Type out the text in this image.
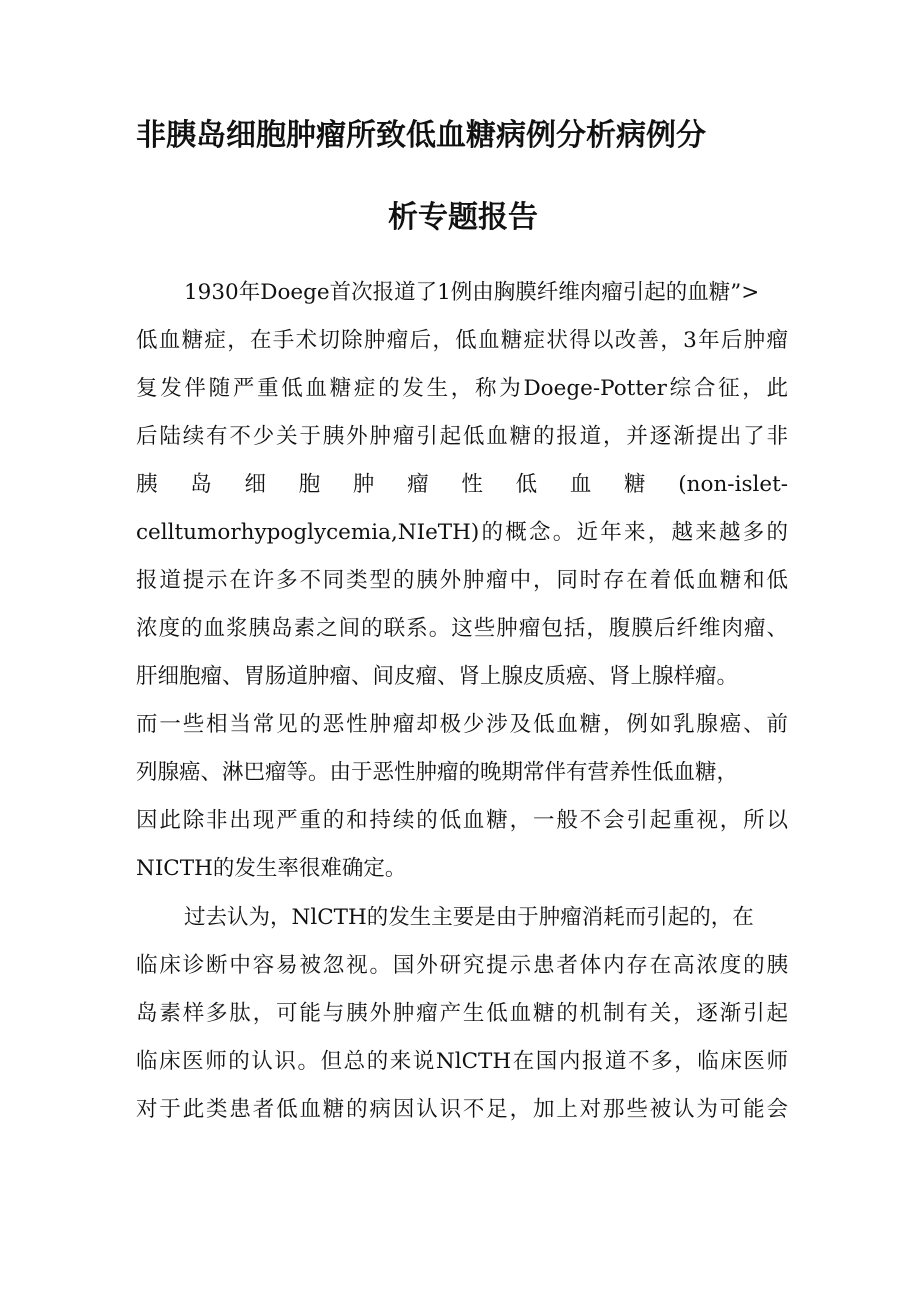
非胰岛细胞肿瘤所致低血糖病例分析病例分
析专题报告
1930年Doege首次报道了1例由胸膜纤维肉瘤引起的血糖”>
低血糖症，在手术切除肿瘤后，低血糖症状得以改善，3年后肿瘤
复发伴随严重低血糖症的发生，称为Doege-Potter综合征，此
后陆续有不少关于胰外肿瘤引起低血糖的报道，并逐渐提出了非
胰 岛 细 胞 肿 瘤 性 低 血 糖 (non-islet-
celltumorhypoglycemia,NIeTH)的概念。近年来，越来越多的
报道提示在许多不同类型的胰外肿瘤中，同时存在着低血糖和低
浓度的血浆胰岛素之间的联系。这些肿瘤包括，腹膜后纤维肉瘤、
肝细胞瘤、胃肠道肿瘤、间皮瘤、肾上腺皮质癌、肾上腺样瘤。
而一些相当常见的恶性肿瘤却极少涉及低血糖，例如乳腺癌、前
列腺癌、淋巴瘤等。由于恶性肿瘤的晚期常伴有营养性低血糖，
因此除非出现严重的和持续的低血糖，一般不会引起重视，所以
NICTH的发生率很难确定。
过去认为，NlCTH的发生主要是由于肿瘤消耗而引起的，在
临床诊断中容易被忽视。国外研究提示患者体内存在高浓度的胰
岛素样多肽，可能与胰外肿瘤产生低血糖的机制有关，逐渐引起
临床医师的认识。但总的来说NlCTH在国内报道不多，临床医师
对于此类患者低血糖的病因认识不足，加上对那些被认为可能会
